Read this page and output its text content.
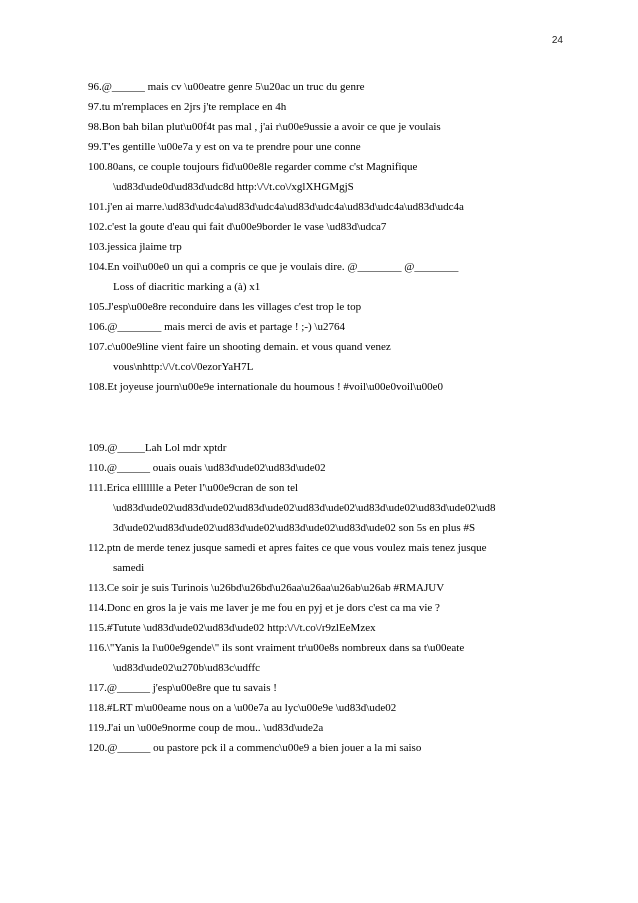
24
96.@______ mais cv \u00eatre genre 5\u20ac un truc du genre
97.tu m'remplaces en 2jrs j'te remplace en 4h
98.Bon bah bilan plut\u00f4t pas mal , j'ai r\u00e9ussie a avoir ce que je voulais
99.T'es gentille \u00e7a y est on va te prendre pour une conne
100.80ans, ce couple toujours fid\u00e8le regarder comme c'st Magnifique
\ud83d\ude0d\ud83d\udc8d http:\/\/t.co\/xglXHGMgjS
101.j'en ai marre.\ud83d\udc4a\ud83d\udc4a\ud83d\udc4a\ud83d\udc4a\ud83d\udc4a
102.c'est la goute d'eau qui fait d\u00e9border le vase \ud83d\udca7
103.jessica jlaime trp
104.En voil\u00e0 un qui a compris ce que je voulais dire. @________ @________
Loss of diacritic marking a (à) x1
105.J'esp\u00e8re reconduire dans les villages c'est trop le top
106.@________ mais merci de avis et partage ! ;-) \u2764
107.c\u00e9line vient faire un shooting demain. et vous quand venez
vous\nhttp:\/\/t.co\/0ezorYaH7L
108.Et joyeuse journ\u00e9e internationale du houmous ! #voil\u00e0voil\u00e0
109.@_____Lah Lol mdr xptdr
110.@______ ouais ouais \ud83d\ude02\ud83d\ude02
111.Erica ellllllle a Peter l'\u00e9cran de son tel
\ud83d\ude02\ud83d\ude02\ud83d\ude02\ud83d\ude02\ud83d\ude02\ud83d\ude02\ud8
3d\ude02\ud83d\ude02\ud83d\ude02\ud83d\ude02\ud83d\ude02 son 5s en plus #S
112.ptn de merde tenez jusque samedi et apres faites ce que vous voulez mais tenez jusque
samedi
113.Ce soir je suis Turinois \u26bd\u26bd\u26aa\u26aa\u26ab\u26ab #RMAJUV
114.Donc en gros la je vais me laver je me fou en pyj et je dors c'est ca ma vie ?
115.#Tutute \ud83d\ude02\ud83d\ude02 http:\/\/t.co\/r9zlEeMzex
116.\"Yanis la l\u00e9gende\" ils sont vraiment tr\u00e8s nombreux dans sa t\u00eate
\ud83d\ude02\u270b\ud83c\udffc
117.@______ j'esp\u00e8re que tu savais !
118.#LRT m\u00eame nous on a \u00e7a au lyc\u00e9e \ud83d\ude02
119.J'ai un \u00e9norme coup de mou.. \ud83d\ude2a
120.@______ ou pastore pck il a commenc\u00e9 a bien jouer a la mi saiso
